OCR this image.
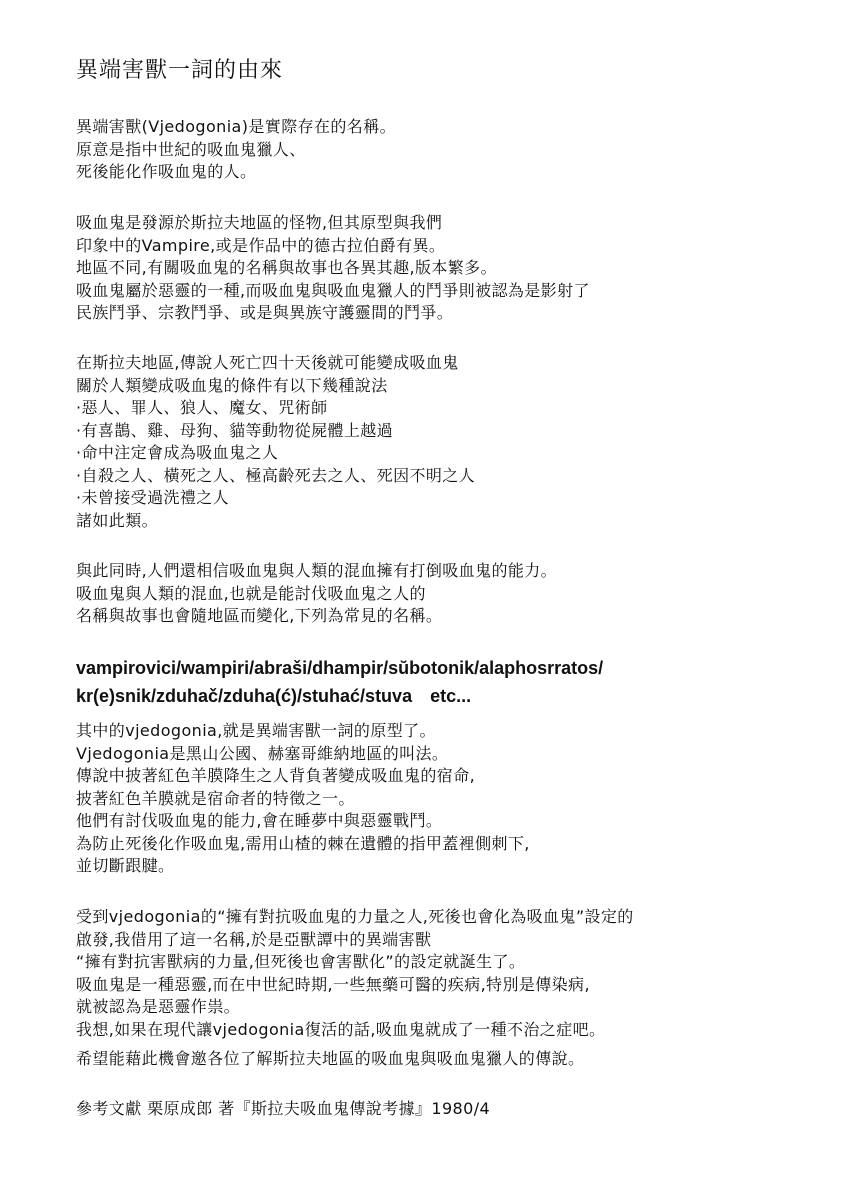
異端害獸一詞的由來
異端害獸(Vjedogonia)是實際存在的名稱。
原意是指中世紀的吸血鬼獵人、
死後能化作吸血鬼的人。
吸血鬼是發源於斯拉夫地區的怪物,但其原型與我們
印象中的Vampire,或是作品中的德古拉伯爵有異。
地區不同,有關吸血鬼的名稱與故事也各異其趣,版本繁多。
吸血鬼屬於惡靈的一種,而吸血鬼與吸血鬼獵人的鬥爭則被認為是影射了
民族鬥爭、宗教鬥爭、或是與異族守護靈間的鬥爭。
在斯拉夫地區,傳說人死亡四十天後就可能變成吸血鬼
關於人類變成吸血鬼的條件有以下幾種說法
·惡人、罪人、狼人、魔女、咒術師
·有喜鵲、雞、母狗、貓等動物從屍體上越過
·命中注定會成為吸血鬼之人
·自殺之人、橫死之人、極高齡死去之人、死因不明之人
·未曾接受過洗禮之人
諸如此類。
與此同時,人們還相信吸血鬼與人類的混血擁有打倒吸血鬼的能力。
吸血鬼與人類的混血,也就是能討伐吸血鬼之人的
名稱與故事也會隨地區而變化,下列為常見的名稱。
vampirovici/wampiri/abraši/dhampir/sŭbotonik/alaphosrratos/
kr(e)snik/zduhač/zduha(ć)/stuhać/stuva　etc...
其中的vjedogonia,就是異端害獸一詞的原型了。
Vjedogonia是黑山公國、赫塞哥維納地區的叫法。
傳說中披著紅色羊膜降生之人背負著變成吸血鬼的宿命,
披著紅色羊膜就是宿命者的特徵之一。
他們有討伐吸血鬼的能力,會在睡夢中與惡靈戰鬥。
為防止死後化作吸血鬼,需用山楂的棘在遺體的指甲蓋裡側刺下,
並切斷跟腱。
受到vjedogonia的“擁有對抗吸血鬼的力量之人,死後也會化為吸血鬼”設定的
啟發,我借用了這一名稱,於是亞獸譚中的異端害獸
“擁有對抗害獸病的力量,但死後也會害獸化”的設定就誕生了。
吸血鬼是一種惡靈,而在中世紀時期,一些無藥可醫的疾病,特別是傳染病,
就被認為是惡靈作祟。
我想,如果在現代讓vjedogonia復活的話,吸血鬼就成了一種不治之症吧。
希望能藉此機會邀各位了解斯拉夫地區的吸血鬼與吸血鬼獵人的傳說。
參考文獻 栗原成郎 著『斯拉夫吸血鬼傳說考據』1980/4
